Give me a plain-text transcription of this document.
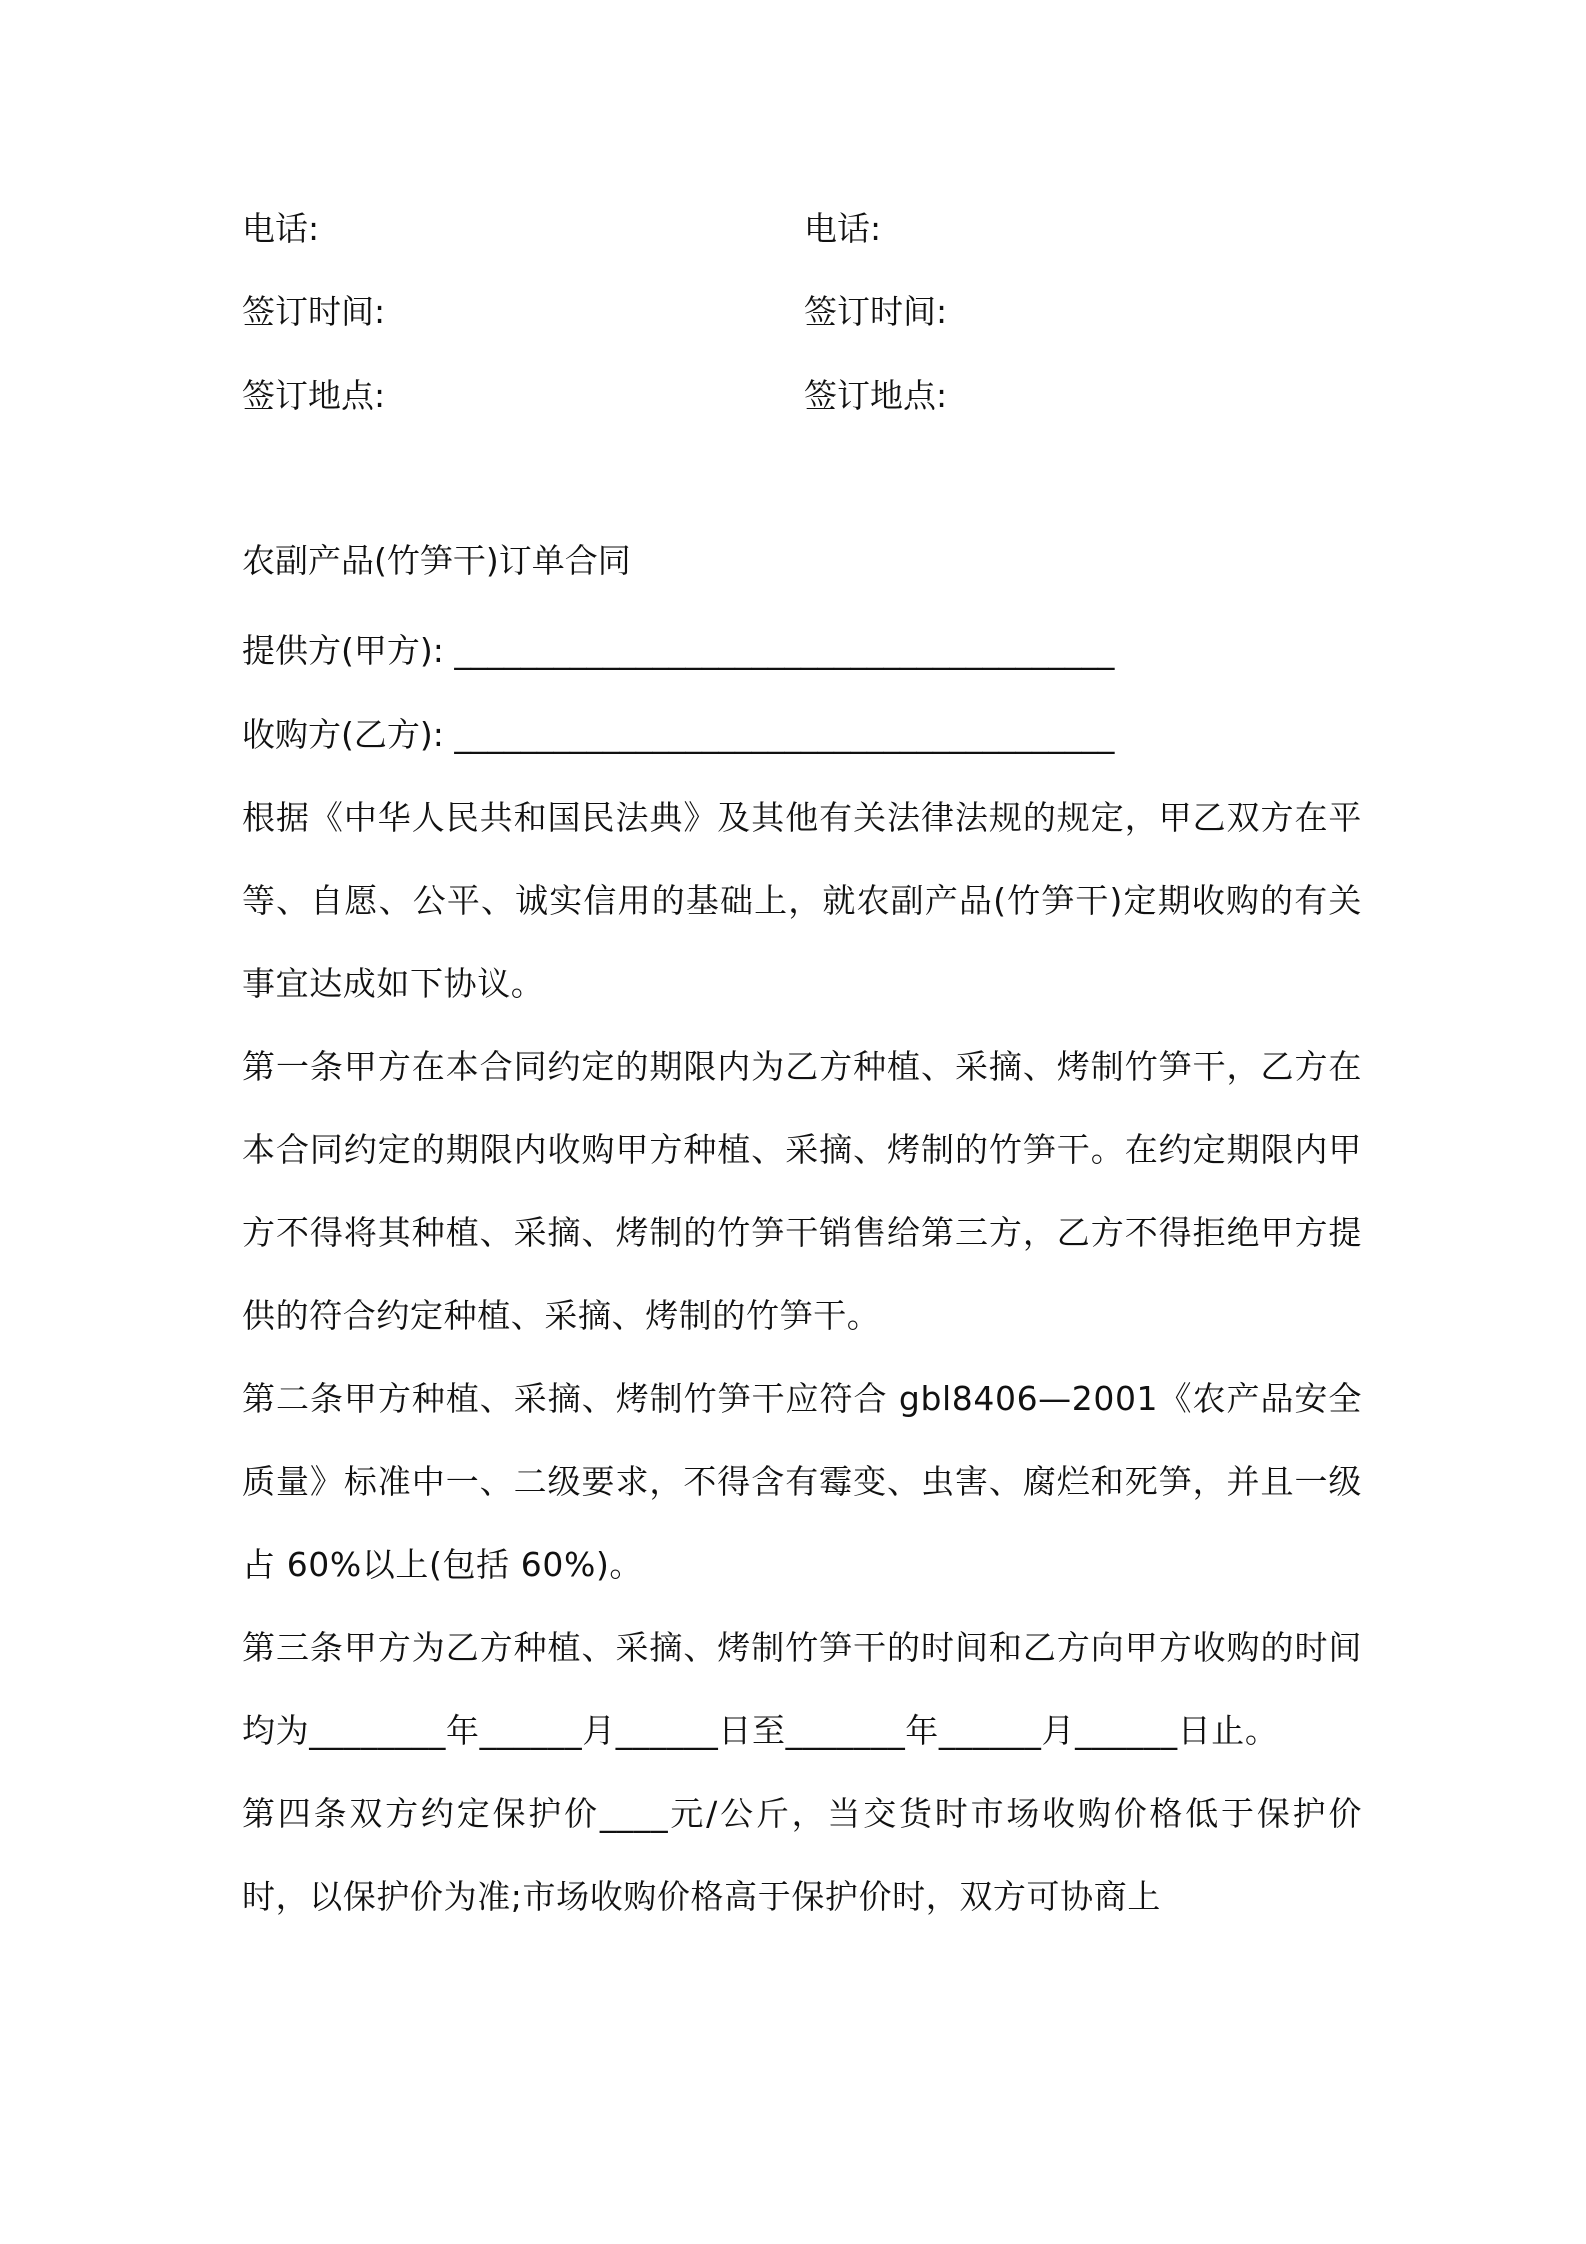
电话:	电话:
签订时间:	签订时间:
签订地点:	签订地点:
农副产品(竹笋干)订单合同
提供方(甲方): ________________________________________
收购方(乙方): ________________________________________

根据《中华人民共和国民法典》及其他有关法律法规的规定，甲乙双方在平等、自愿、公平、诚实信用的基础上，就农副产品(竹笋干)定期收购的有关事宜达成如下协议。

第一条甲方在本合同约定的期限内为乙方种植、采摘、烤制竹笋干，乙方在本合同约定的期限内收购甲方种植、采摘、烤制的竹笋干。在约定期限内甲方不得将其种植、采摘、烤制的竹笋干销售给第三方，乙方不得拒绝甲方提供的符合约定种植、采摘、烤制的竹笋干。

第二条甲方种植、采摘、烤制竹笋干应符合 gbl8406—2001《农产品安全质量》标准中一、二级要求，不得含有霉变、虫害、腐烂和死笋，并且一级占 60%以上(包括 60%)。

第三条甲方为乙方种植、采摘、烤制竹笋干的时间和乙方向甲方收购的时间均为________年______月______日至_______年______月______日止。

第四条双方约定保护价____元/公斤，当交货时市场收购价格低于保护价时，以保护价为准;市场收购价格高于保护价时，双方可协商上
